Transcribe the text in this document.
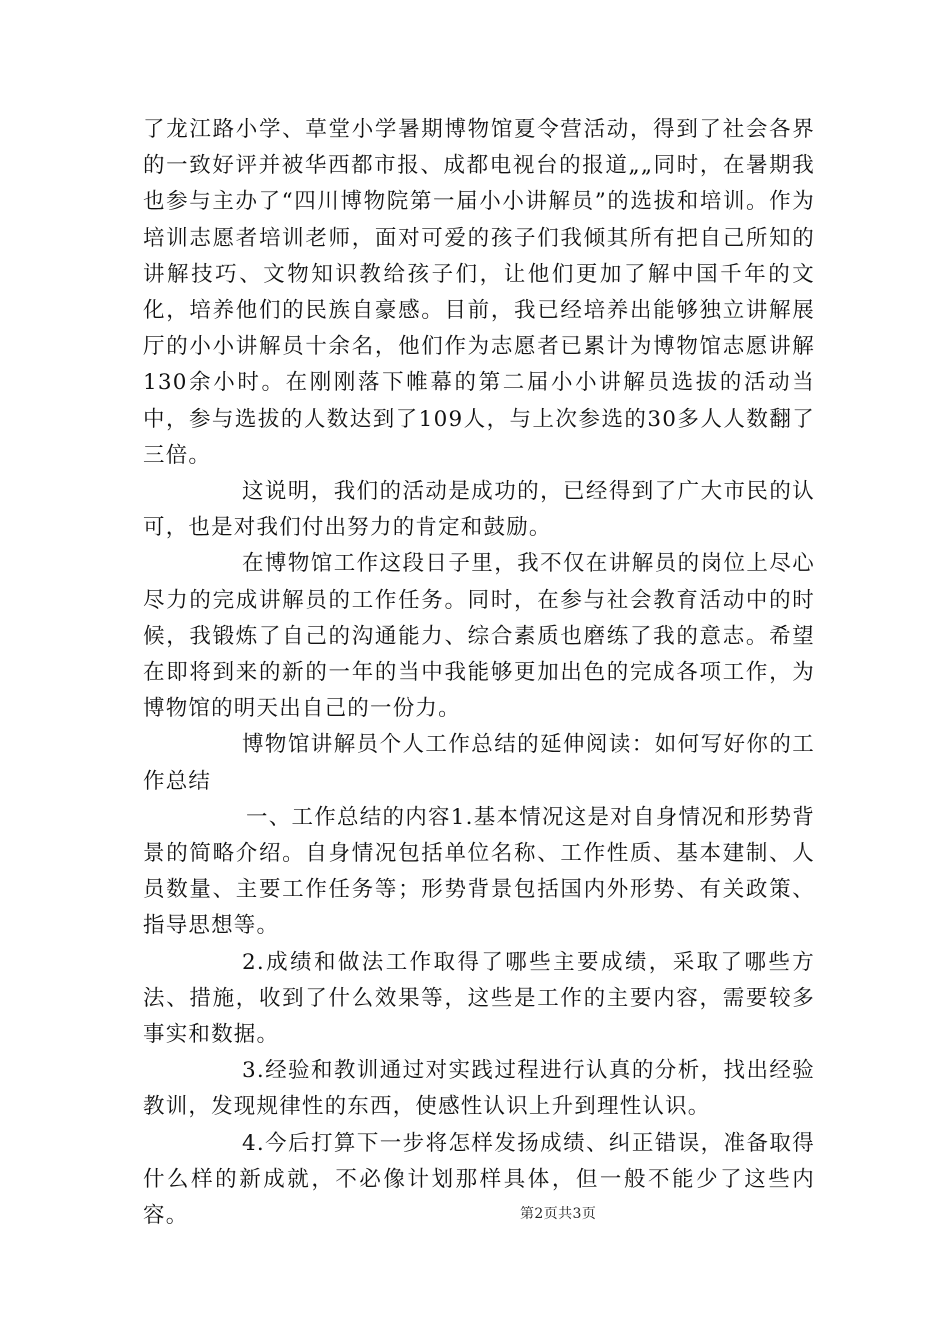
了龙江路小学、草堂小学暑期博物馆夏令营活动，得到了社会各界的一致好评并被华西都市报、成都电视台的报道„„同时，在暑期我也参与主办了“四川博物院第一届小小讲解员”的选拔和培训。作为培训志愿者培训老师，面对可爱的孩子们我倾其所有把自己所知的讲解技巧、文物知识教给孩子们，让他们更加了解中国千年的文化，培养他们的民族自豪感。目前，我已经培养出能够独立讲解展厅的小小讲解员十余名，他们作为志愿者已累计为博物馆志愿讲解130余小时。在刚刚落下帷幕的第二届小小讲解员选拔的活动当中，参与选拔的人数达到了109人，与上次参选的30多人人数翻了三倍。

这说明，我们的活动是成功的，已经得到了广大市民的认可，也是对我们付出努力的肯定和鼓励。

在博物馆工作这段日子里，我不仅在讲解员的岗位上尽心尽力的完成讲解员的工作任务。同时，在参与社会教育活动中的时候，我锻炼了自己的沟通能力、综合素质也磨练了我的意志。希望在即将到来的新的一年的当中我能够更加出色的完成各项工作，为博物馆的明天出自己的一份力。

博物馆讲解员个人工作总结的延伸阅读：如何写好你的工作总结

一、工作总结的内容1.基本情况这是对自身情况和形势背景的简略介绍。自身情况包括单位名称、工作性质、基本建制、人员数量、主要工作任务等；形势背景包括国内外形势、有关政策、指导思想等。

2.成绩和做法工作取得了哪些主要成绩，采取了哪些方法、措施，收到了什么效果等，这些是工作的主要内容，需要较多事实和数据。

3.经验和教训通过对实践过程进行认真的分析，找出经验教训，发现规律性的东西，使感性认识上升到理性认识。

4.今后打算下一步将怎样发扬成绩、纠正错误，准备取得什么样的新成就，不必像计划那样具体，但一般不能少了这些内容。	第2页共3页
